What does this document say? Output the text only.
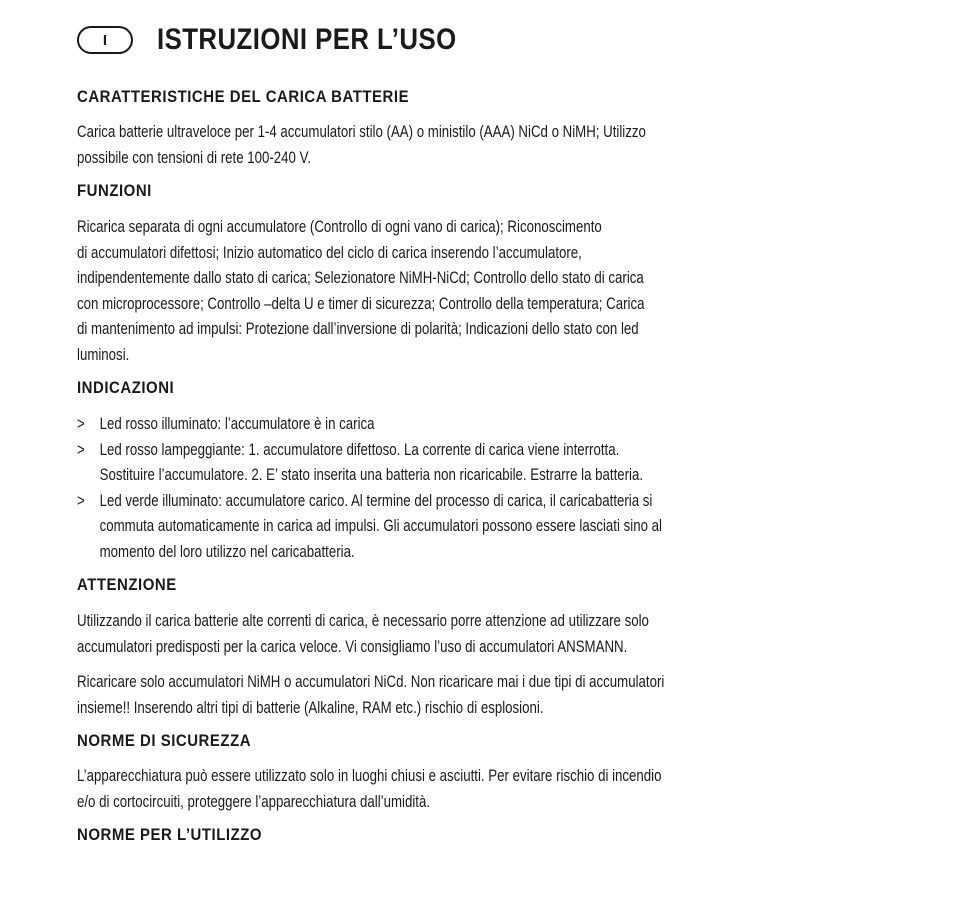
I	ISTRUZIONI PER L’USO
CARATTERISTICHE DEL CARICA BATTERIE
Carica batterie ultraveloce per 1-4 accumulatori stilo (AA) o ministilo (AAA) NiCd o NiMH; Utilizzo
possibile con tensioni di rete 100-240 V.
FUNZIONI
Ricarica separata di ogni accumulatore (Controllo di ogni vano di carica); Riconoscimento
di accumulatori difettosi; Inizio automatico del ciclo di carica inserendo l’accumulatore,
indipendentemente dallo stato di carica; Selezionatore NiMH-NiCd; Controllo dello stato di carica
con microprocessore; Controllo –delta U e timer di sicurezza; Controllo della temperatura; Carica
di mantenimento ad impulsi: Protezione dall’inversione di polarità; Indicazioni dello stato con led
luminosi.
INDICAZIONI
> Led rosso illuminato: l’accumulatore è in carica
> Led rosso lampeggiante: 1. accumulatore difettoso. La corrente di carica viene interrotta.
Sostituire l’accumulatore. 2. E’ stato inserita una batteria non ricaricabile. Estrarre la batteria.
> Led verde illuminato: accumulatore carico. Al termine del processo di carica, il caricabatteria si
commuta automaticamente in carica ad impulsi. Gli accumulatori possono essere lasciati sino al
momento del loro utilizzo nel caricabatteria.
ATTENZIONE
Utilizzando il carica batterie alte correnti di carica, è necessario porre attenzione ad utilizzare solo
accumulatori predisposti per la carica veloce. Vi consigliamo l’uso di accumulatori ANSMANN.
Ricaricare solo accumulatori NiMH o accumulatori NiCd. Non ricaricare mai i due tipi di accumulatori
insieme!! Inserendo altri tipi di batterie (Alkaline, RAM etc.) rischio di esplosioni.
NORME DI SICUREZZA
L’apparecchiatura può essere utilizzato solo in luoghi chiusi e asciutti. Per evitare rischio di incendio
e/o di cortocircuiti, proteggere l’apparecchiatura dall’umidità.
NORME PER L’UTILIZZO
